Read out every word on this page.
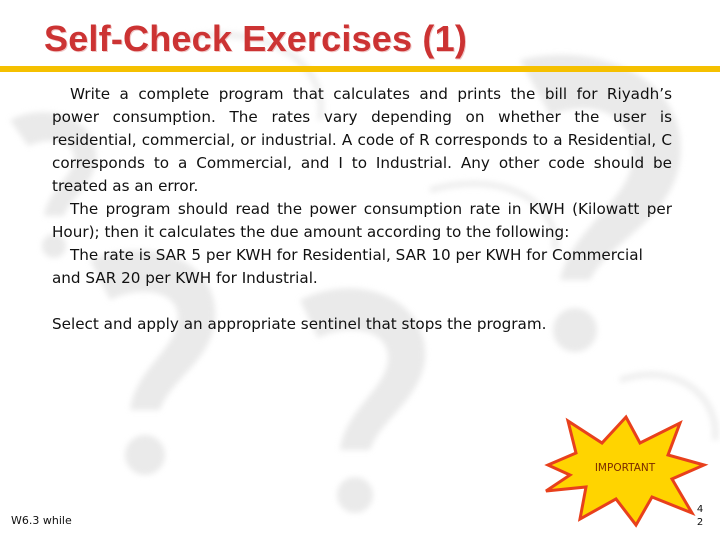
Self-Check Exercises (1)

Write a complete program that calculates and prints the bill for Riyadh’s power consumption. The rates vary depending on whether the user is residential, commercial, or industrial. A code of R corresponds to a Residential, C corresponds to a Commercial, and I to Industrial. Any other code should be treated as an error.

The program should read the power consumption rate in KWH (Kilowatt per Hour); then it calculates the due amount according to the following:

The rate is SAR 5 per KWH for Residential, SAR 10 per KWH for Commercial and SAR 20 per KWH for Industrial.

Select and apply an appropriate sentinel that stops the program.

IMPORTANT
W6.3 while
4
2
